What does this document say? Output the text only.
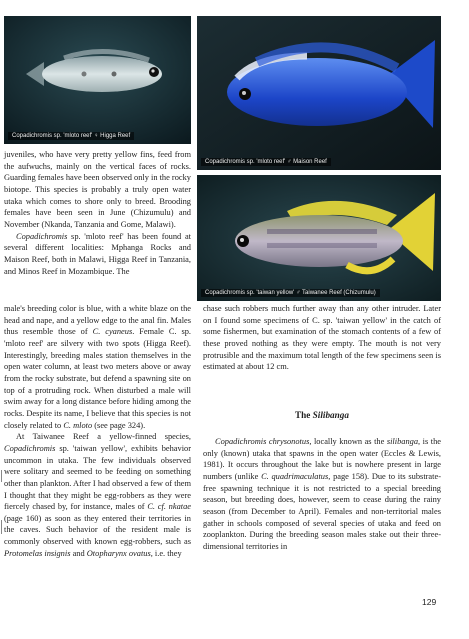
Copadichromis sp. 'mloto reef' ♀ Higga Reef
Copadichromis sp. 'mloto reef' ♂ Maison Reef
Copadichromis sp. 'taiwan yellow' ♂ Taiwanee Reef (Chizumulu)

juveniles, who have very pretty yellow fins, feed from the aufwuchs, mainly on the vertical faces of rocks. Guarding females have been observed only in the rocky biotope. This species is probably a truly open water utaka which comes to shore only to breed. Brooding females have been seen in June (Chizumulu) and November (Nkanda, Tanzania and Gome, Malawi).

Copadichromis sp. 'mloto reef' has been found at several different localities: Mphanga Rocks and Maison Reef, both in Malawi, Higga Reef in Tanzania, and Minos Reef in Mozambique. The

male's breeding color is blue, with a white blaze on the head and nape, and a yellow edge to the anal fin. Males thus resemble those of C. cyaneus. Female C. sp. 'mloto reef' are silvery with two spots (Higga Reef). Interestingly, breeding males station themselves in the open water column, at least two meters above or away from the rocky substrate, but defend a spawning site on top of a protruding rock. When disturbed a male will swim away for a long distance before hiding among the rocks. Despite its name, I believe that this species is not closely related to C. mloto (see page 324).

At Taiwanee Reef a yellow-finned species, Copadichromis sp. 'taiwan yellow', exhibits behavior uncommon in utaka. The few individuals observed were solitary and seemed to be feeding on something other than plankton. After I had observed a few of them I thought that they might be egg-robbers as they were fiercely chased by, for instance, males of C. cf. nkatae (page 160) as soon as they entered their territories in the caves. Such behavior of the resident male is commonly observed with known egg-robbers, such as Protomelas insignis and Otopharynx ovatus, i.e. they

chase such robbers much further away than any other intruder. Later on I found some specimens of C. sp. 'taiwan yellow' in the catch of some fishermen, but examination of the stomach contents of a few of these proved nothing as they were empty. The mouth is not very protrusible and the maximum total length of the few specimens seen is estimated at about 12 cm.

The Silibanga

Copadichromis chrysonotus, locally known as the silibanga, is the only (known) utaka that spawns in the open water (Eccles & Lewis, 1981). It occurs throughout the lake but is nowhere present in large numbers (unlike C. quadrimaculatus, page 158). Due to its substrate-free spawning technique it is not restricted to a special breeding season, but breeding does, however, seem to cease during the rainy season (from December to April). Females and non-territorial males gather in schools composed of several species of utaka and feed on zooplankton. During the breeding season males stake out their three-dimensional territories in

129
